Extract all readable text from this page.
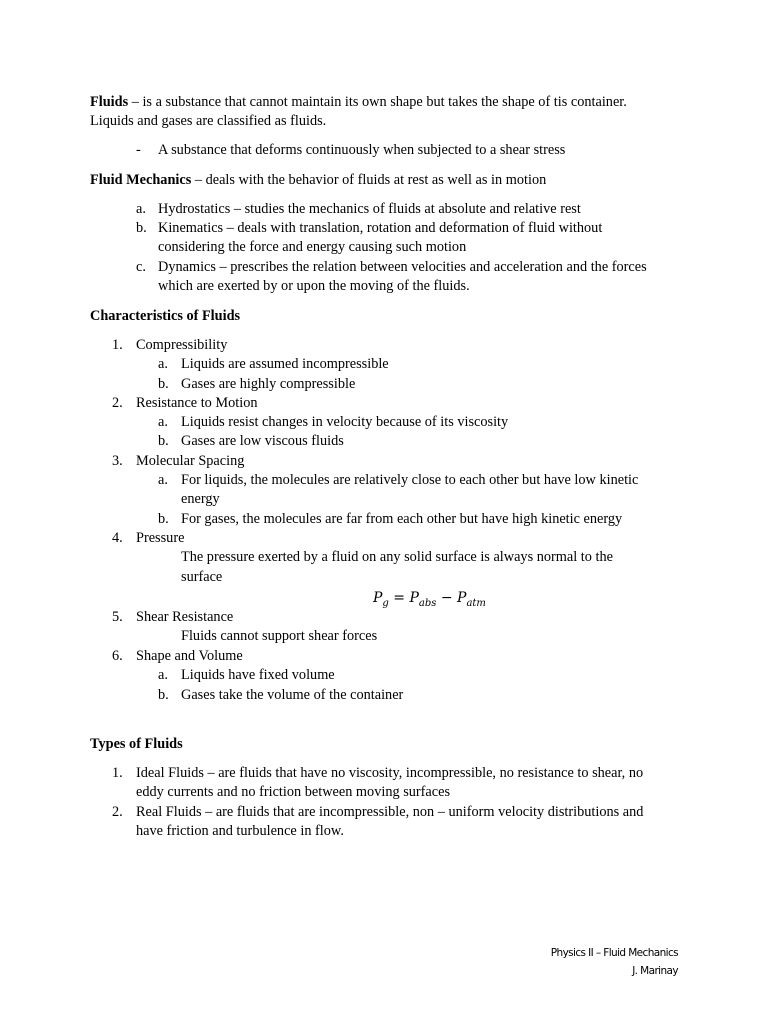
Fluids – is a substance that cannot maintain its own shape but takes the shape of tis container.
Liquids and gases are classified as fluids.
- A substance that deforms continuously when subjected to a shear stress
Fluid Mechanics – deals with the behavior of fluids at rest as well as in motion
a. Hydrostatics – studies the mechanics of fluids at absolute and relative rest
b. Kinematics – deals with translation, rotation and deformation of fluid without
considering the force and energy causing such motion
c. Dynamics – prescribes the relation between velocities and acceleration and the forces
which are exerted by or upon the moving of the fluids.
Characteristics of Fluids
1. Compressibility
a. Liquids are assumed incompressible
b. Gases are highly compressible
2. Resistance to Motion
a. Liquids resist changes in velocity because of its viscosity
b. Gases are low viscous fluids
3. Molecular Spacing
a. For liquids, the molecules are relatively close to each other but have low kinetic
energy
b. For gases, the molecules are far from each other but have high kinetic energy
4. Pressure
The pressure exerted by a fluid on any solid surface is always normal to the
surface
$P_g = P_{abs} - P_{atm}$
5. Shear Resistance
Fluids cannot support shear forces
6. Shape and Volume
a. Liquids have fixed volume
b. Gases take the volume of the container
Types of Fluids
1. Ideal Fluids – are fluids that have no viscosity, incompressible, no resistance to shear, no
eddy currents and no friction between moving surfaces
2. Real Fluids – are fluids that are incompressible, non – uniform velocity distributions and
have friction and turbulence in flow.
Physics II – Fluid Mechanics
J. Marinay
